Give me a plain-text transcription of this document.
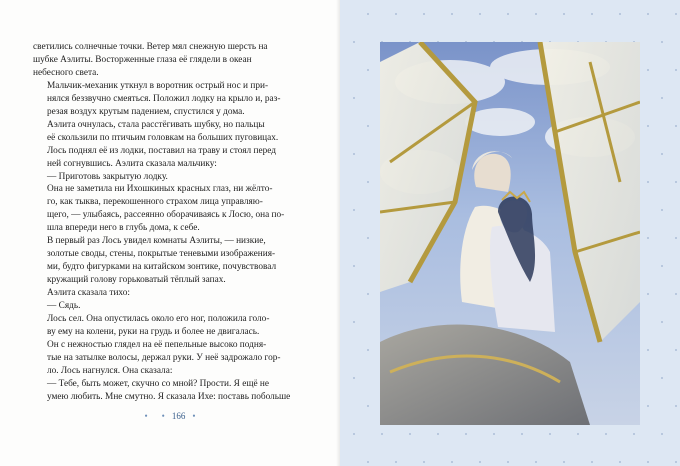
светились солнечные точки. Ветер мял снежную шерсть на
шубке Аэлиты. Восторженные глаза её глядели в океан
небесного света.

Мальчик-механик уткнул в воротник острый нос и при-
нялся беззвучно смеяться. Положил лодку на крыло и, раз-
резая воздух крутым падением, спустился у дома.

Аэлита очнулась, стала расстёгивать шубку, но пальцы
её скользили по птичьим головкам на больших пуговицах.
Лось поднял её из лодки, поставил на траву и стоял перед
ней согнувшись. Аэлита сказала мальчику:

— Приготовь закрытую лодку.

Она не заметила ни Ихошкиных красных глаз, ни жёлто-
го, как тыква, перекошенного страхом лица управляю-
щего, — улыбаясь, рассеянно оборачиваясь к Лосю, она по-
шла впереди него в глубь дома, к себе.

В первый раз Лось увидел комнаты Аэлиты, — низкие,
золотые своды, стены, покрытые теневыми изображения-
ми, будто фигурками на китайском зонтике, почувствовал
кружащий голову горьковатый тёплый запах.

Аэлита сказала тихо:

— Сядь.

Лось сел. Она опустилась около его ног, положила голо-
ву ему на колени, руки на грудь и более не двигалась.

Он с нежностью глядел на её пепельные высоко подня-
тые на затылке волосы, держал руки. У неё задрожало гор-
ло. Лось нагнулся. Она сказала:

— Тебе, быть может, скучно со мной? Прости. Я ещё не
умею любить. Мне смутно. Я сказала Ихе: поставь побольше

• • 166 •
